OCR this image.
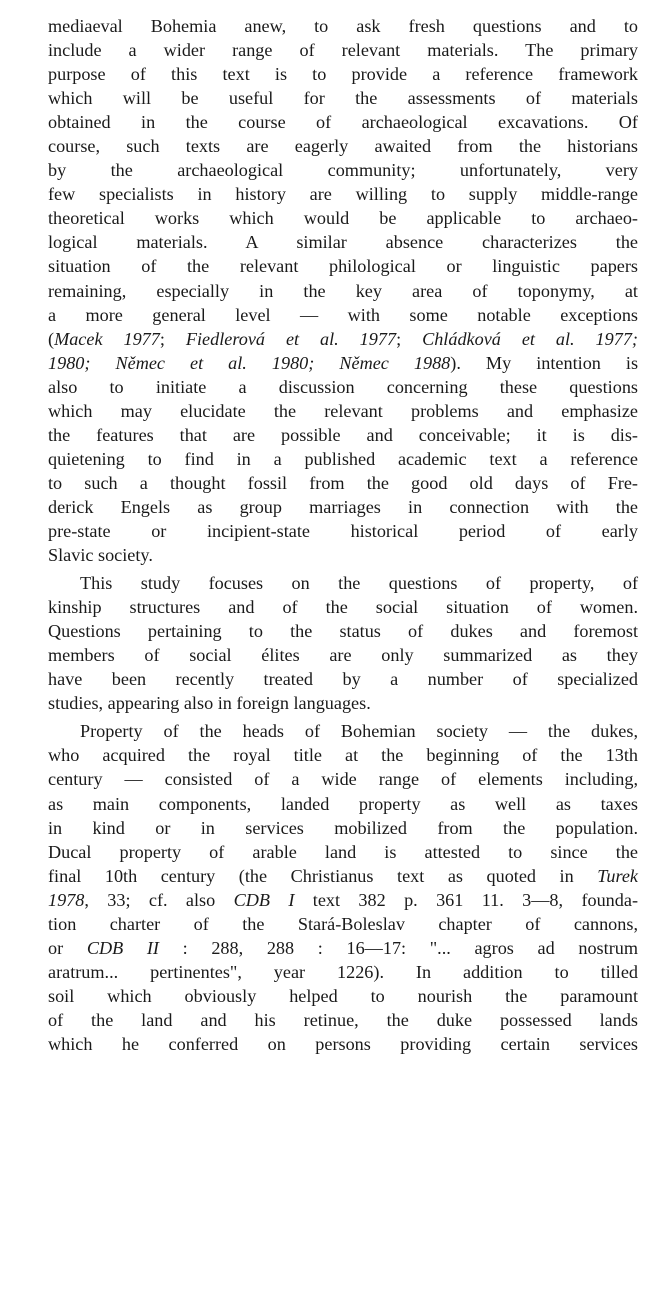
mediaeval Bohemia anew, to ask fresh questions and to
include a wider range of relevant materials. The primary
purpose of this text is to provide a reference framework
which will be useful for the assessments of materials
obtained in the course of archaeological excavations. Of
course, such texts are eagerly awaited from the historians
by the archaeological community; unfortunately, very
few specialists in history are willing to supply middle-range
theoretical works which would be applicable to archaeo-
logical materials. A similar absence characterizes the
situation of the relevant philological or linguistic papers
remaining, especially in the key area of toponymy, at
a more general level — with some notable exceptions
(Macek 1977; Fiedlerová et al. 1977; Chládková et al. 1977;
1980; Němec et al. 1980; Němec 1988). My intention is
also to initiate a discussion concerning these questions
which may elucidate the relevant problems and emphasize
the features that are possible and conceivable; it is dis-
quietening to find in a published academic text a reference
to such a thought fossil from the good old days of Fre-
derick Engels as group marriages in connection with the
pre-state or incipient-state historical period of early
Slavic society.
This study focuses on the questions of property, of
kinship structures and of the social situation of women.
Questions pertaining to the status of dukes and foremost
members of social élites are only summarized as they
have been recently treated by a number of specialized
studies, appearing also in foreign languages.
Property of the heads of Bohemian society — the dukes,
who acquired the royal title at the beginning of the 13th
century — consisted of a wide range of elements including,
as main components, landed property as well as taxes
in kind or in services mobilized from the population.
Ducal property of arable land is attested to since the
final 10th century (the Christianus text as quoted in Turek
1978, 33; cf. also CDB I text 382 p. 361 11. 3—8, founda-
tion charter of the Stará-Boleslav chapter of cannons,
or CDB II : 288, 288 : 16—17: "... agros ad nostrum
aratrum... pertinentes", year 1226). In addition to tilled
soil which obviously helped to nourish the paramount
of the land and his retinue, the duke possessed lands
which he conferred on persons providing certain services
